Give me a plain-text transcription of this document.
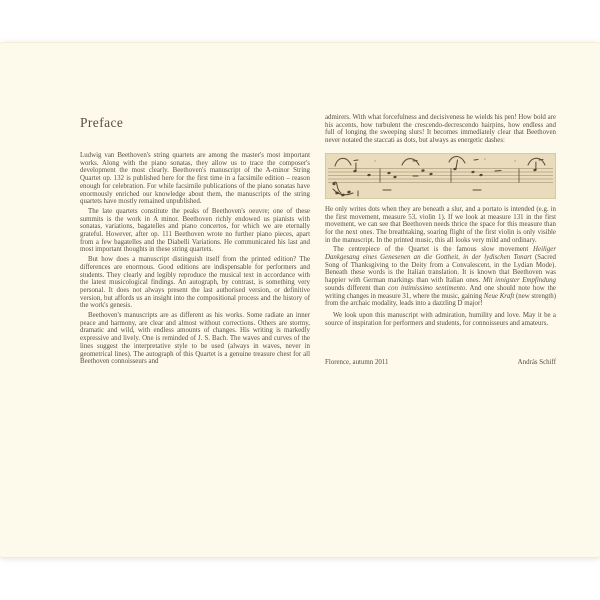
Preface

Ludwig van Beethoven's string quartets are among the master's most important works. Along with the piano sonatas, they allow us to trace the composer's development the most clearly. Beethoven's manuscript of the A-minor String Quartet op. 132 is published here for the first time in a facsimile edition – reason enough for celebration. For while facsimile publications of the piano sonatas have enormously enriched our knowledge about them, the manuscripts of the string quartets have mostly remained unpublished.

The late quartets constitute the peaks of Beethoven's oeuvre; one of these summits is the work in A minor. Beethoven richly endowed us pianists with sonatas, variations, bagatelles and piano concertos, for which we are eternally grateful. However, after op. 111 Beethoven wrote no further piano pieces, apart from a few bagatelles and the Diabelli Variations. He communicated his last and most important thoughts in these string quartets.

But how does a manuscript distinguish itself from the printed edition? The differences are enormous. Good editions are indispensable for performers and students. They clearly and legibly reproduce the musical text in accordance with the latest musicological findings. An autograph, by contrast, is something very personal. It does not always present the last authorised version, or definitive version, but affords us an insight into the compositional process and the history of the work's genesis.

Beethoven's manuscripts are as different as his works. Some radiate an inner peace and harmony, are clear and almost without corrections. Others are stormy, dramatic and wild, with endless amounts of changes. His writing is markedly expressive and lively. One is reminded of J. S. Bach. The waves and curves of the lines suggest the interpretative style to be used (always in waves, never in geometrical lines). The autograph of this Quartet is a genuine treasure chest for all Beethoven connoisseurs and

admirers. With what forcefulness and decisiveness he wields his pen! How bold are his accents, how turbulent the crescendo-decrescendo hairpins, how endless and full of longing the sweeping slurs! It becomes immediately clear that Beethoven never notated the staccati as dots, but always as energetic dashes:

He only writes dots when they are beneath a slur, and a portato is intended (e.g. in the first movement, measure 53, violin 1). If we look at measure 131 in the first movement, we can see that Beethoven needs thrice the space for this measure than for the next ones. The breathtaking, soaring flight of the first violin is only visible in the manuscript. In the printed music, this all looks very mild and ordinary.

The centrepiece of the Quartet is the famous slow movement Heiliger Dankgesang eines Genesenen an die Gottheit, in der lydischen Tonart (Sacred Song of Thanksgiving to the Deity from a Convalescent, in the Lydian Mode). Beneath these words is the Italian translation. It is known that Beethoven was happier with German markings than with Italian ones. Mit innigster Empfindung sounds different than con intimissimo sentimento. And one should note how the writing changes in measure 31, where the music, gaining Neue Kraft (new strength) from the archaic modality, leads into a dazzling D major!

We look upon this manuscript with admiration, humility and love. May it be a source of inspiration for performers and students, for connoisseurs and amateurs.

Florence, autumn 2011	András Schiff
